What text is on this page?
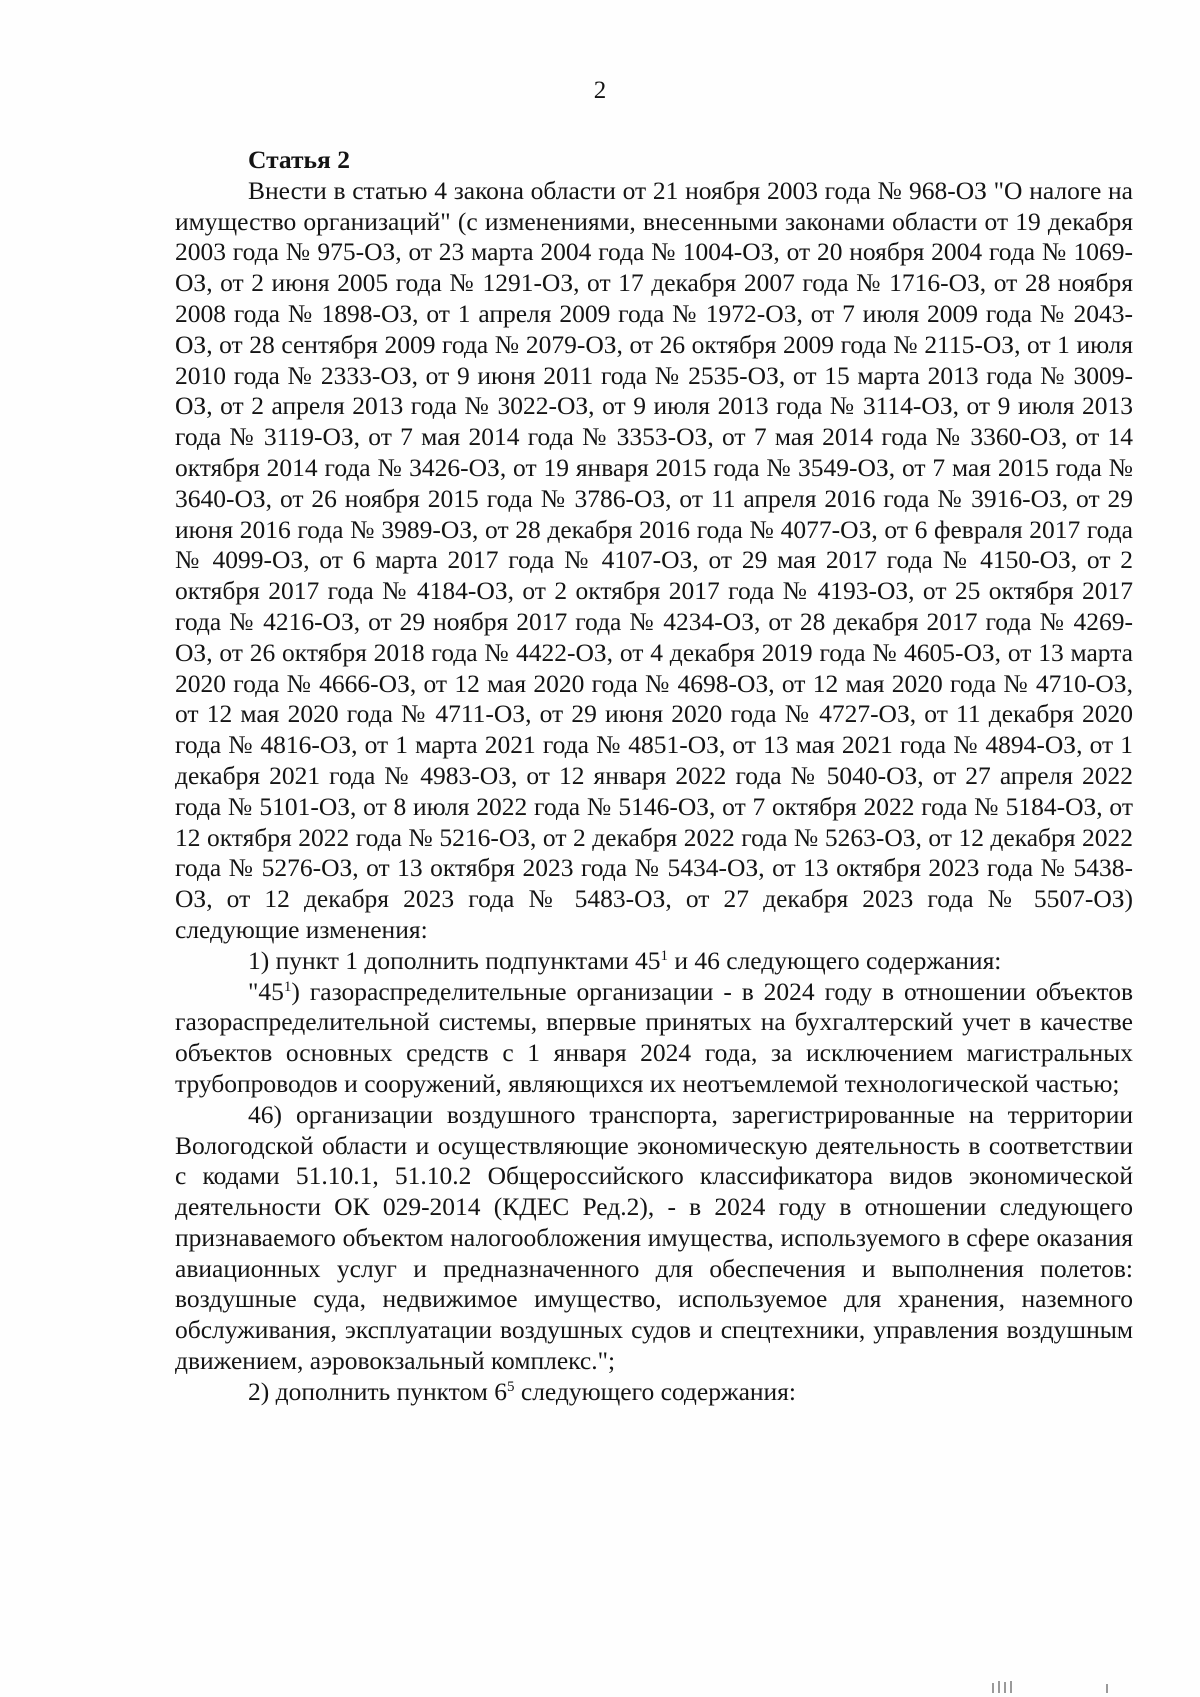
2

Статья 2

Внести в статью 4 закона области от 21 ноября 2003 года № 968-ОЗ "О налоге на имущество организаций" (с изменениями, внесенными законами области от 19 декабря 2003 года № 975-ОЗ, от 23 марта 2004 года № 1004-ОЗ, от 20 ноября 2004 года № 1069-ОЗ, от 2 июня 2005 года № 1291-ОЗ, от 17 декабря 2007 года № 1716-ОЗ, от 28 ноября 2008 года № 1898-ОЗ, от 1 апреля 2009 года № 1972-ОЗ, от 7 июля 2009 года № 2043-ОЗ, от 28 сентября 2009 года № 2079-ОЗ, от 26 октября 2009 года № 2115-ОЗ, от 1 июля 2010 года № 2333-ОЗ, от 9 июня 2011 года № 2535-ОЗ, от 15 марта 2013 года № 3009-ОЗ, от 2 апреля 2013 года № 3022-ОЗ, от 9 июля 2013 года № 3114-ОЗ, от 9 июля 2013 года № 3119-ОЗ, от 7 мая 2014 года № 3353-ОЗ, от 7 мая 2014 года № 3360-ОЗ, от 14 октября 2014 года № 3426-ОЗ, от 19 января 2015 года № 3549-ОЗ, от 7 мая 2015 года № 3640-ОЗ, от 26 ноября 2015 года № 3786-ОЗ, от 11 апреля 2016 года № 3916-ОЗ, от 29 июня 2016 года № 3989-ОЗ, от 28 декабря 2016 года № 4077-ОЗ, от 6 февраля 2017 года № 4099-ОЗ, от 6 марта 2017 года № 4107-ОЗ, от 29 мая 2017 года № 4150-ОЗ, от 2 октября 2017 года № 4184-ОЗ, от 2 октября 2017 года № 4193-ОЗ, от 25 октября 2017 года № 4216-ОЗ, от 29 ноября 2017 года № 4234-ОЗ, от 28 декабря 2017 года № 4269-ОЗ, от 26 октября 2018 года № 4422-ОЗ, от 4 декабря 2019 года № 4605-ОЗ, от 13 марта 2020 года № 4666-ОЗ, от 12 мая 2020 года № 4698-ОЗ, от 12 мая 2020 года № 4710-ОЗ, от 12 мая 2020 года № 4711-ОЗ, от 29 июня 2020 года № 4727-ОЗ, от 11 декабря 2020 года № 4816-ОЗ, от 1 марта 2021 года № 4851-ОЗ, от 13 мая 2021 года № 4894-ОЗ, от 1 декабря 2021 года № 4983-ОЗ, от 12 января 2022 года № 5040-ОЗ, от 27 апреля 2022 года № 5101-ОЗ, от 8 июля 2022 года № 5146-ОЗ, от 7 октября 2022 года № 5184-ОЗ, от 12 октября 2022 года № 5216-ОЗ, от 2 декабря 2022 года № 5263-ОЗ, от 12 декабря 2022 года № 5276-ОЗ, от 13 октября 2023 года № 5434-ОЗ, от 13 октября 2023 года № 5438-ОЗ, от 12 декабря 2023 года № 5483-ОЗ, от 27 декабря 2023 года № 5507-ОЗ) следующие изменения:

1) пункт 1 дополнить подпунктами $45^1$ и 46 следующего содержания:

"$45^1$) газораспределительные организации - в 2024 году в отношении объектов газораспределительной системы, впервые принятых на бухгалтерский учет в качестве объектов основных средств с 1 января 2024 года, за исключением магистральных трубопроводов и сооружений, являющихся их неотъемлемой технологической частью;

46) организации воздушного транспорта, зарегистрированные на территории Вологодской области и осуществляющие экономическую деятельность в соответствии с кодами 51.10.1, 51.10.2 Общероссийского классификатора видов экономической деятельности ОК 029-2014 (КДЕС Ред.2), - в 2024 году в отношении следующего признаваемого объектом налогообложения имущества, используемого в сфере оказания авиационных услуг и предназначенного для обеспечения и выполнения полетов: воздушные суда, недвижимое имущество, используемое для хранения, наземного обслуживания, эксплуатации воздушных судов и спецтехники, управления воздушным движением, аэровокзальный комплекс.";

2) дополнить пунктом $6^5$ следующего содержания:
